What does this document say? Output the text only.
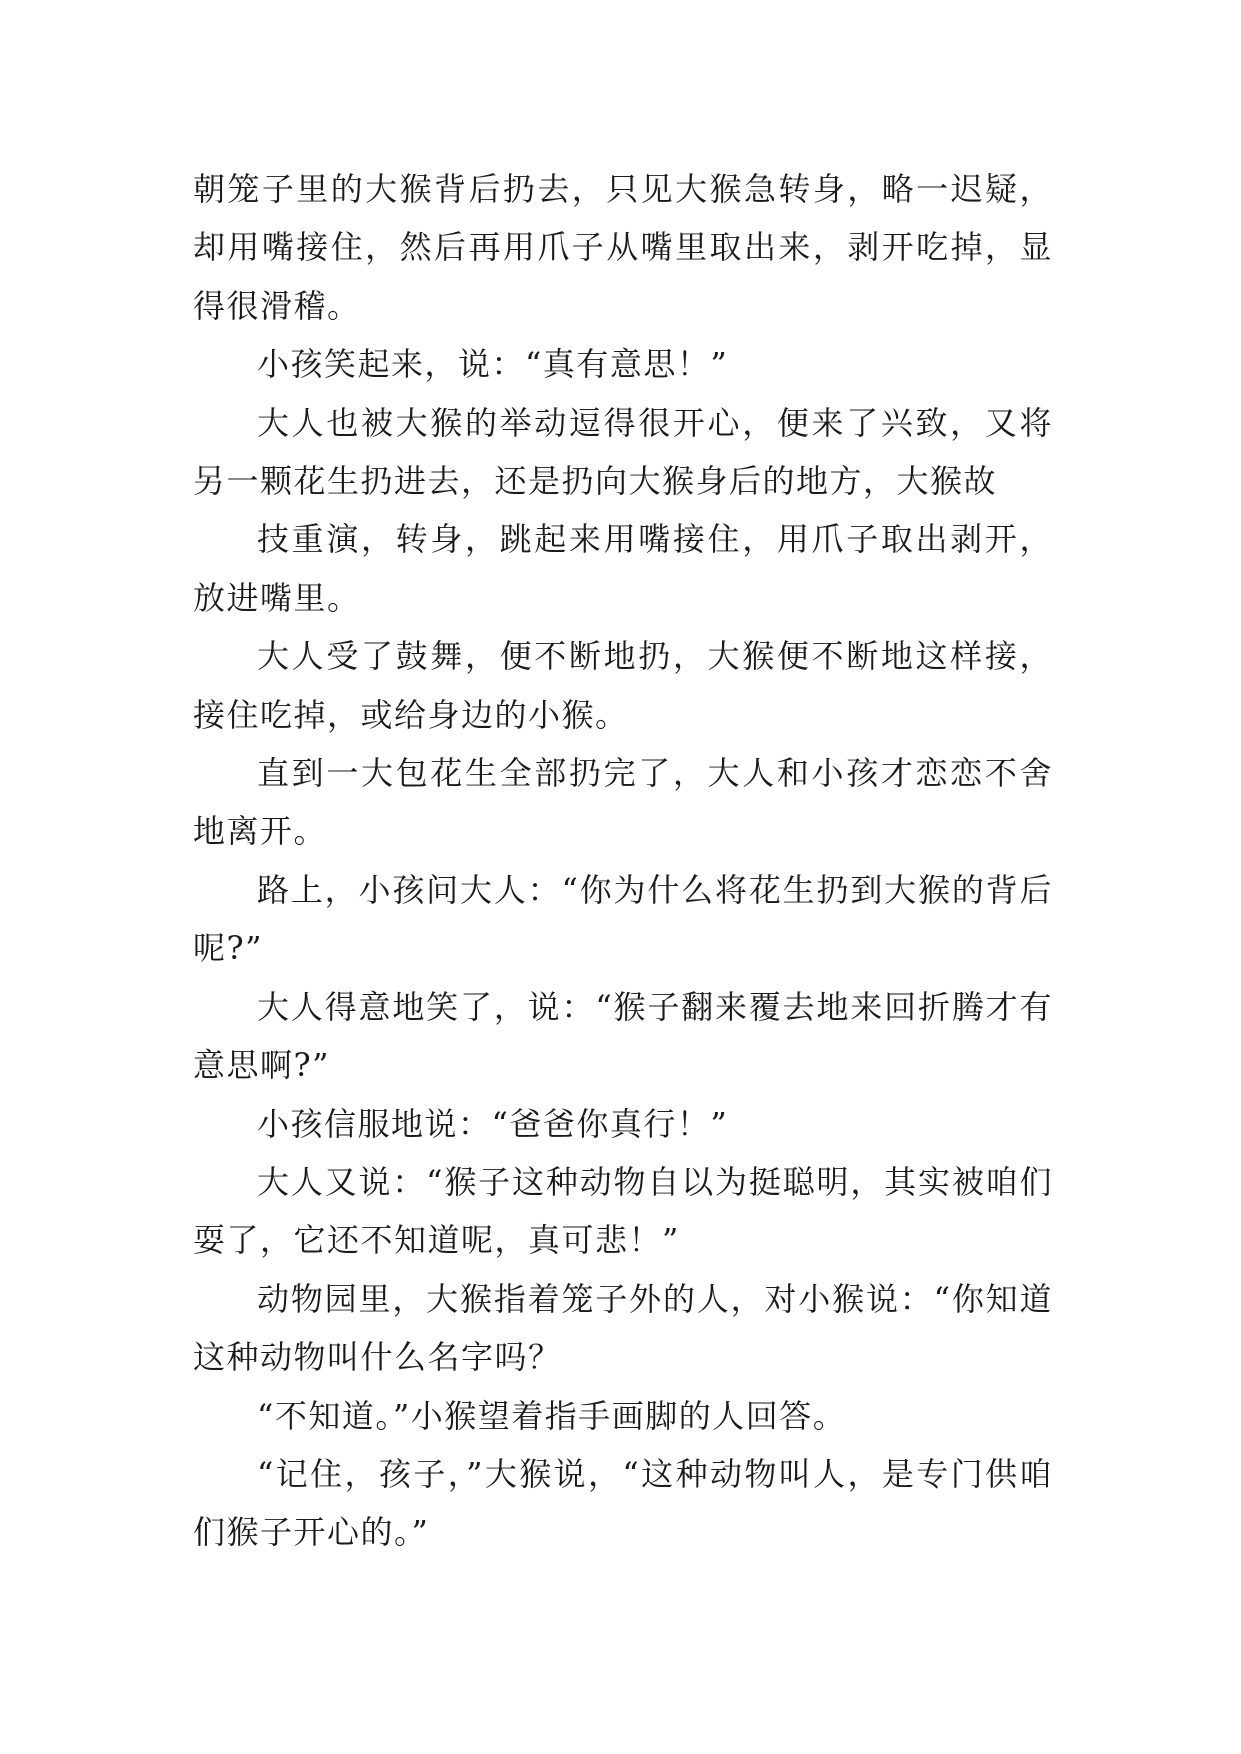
朝笼子里的大猴背后扔去，只见大猴急转身，略一迟疑，却用嘴接住，然后再用爪子从嘴里取出来，剥开吃掉，显得很滑稽。

小孩笑起来，说：“真有意思！”

大人也被大猴的举动逗得很开心，便来了兴致，又将另一颗花生扔进去，还是扔向大猴身后的地方，大猴故

技重演，转身，跳起来用嘴接住，用爪子取出剥开，放进嘴里。

大人受了鼓舞，便不断地扔，大猴便不断地这样接，接住吃掉，或给身边的小猴。

直到一大包花生全部扔完了，大人和小孩才恋恋不舍地离开。

路上，小孩问大人：“你为什么将花生扔到大猴的背后呢?”

大人得意地笑了，说：“猴子翻来覆去地来回折腾才有意思啊?”

小孩信服地说：“爸爸你真行！”

大人又说：“猴子这种动物自以为挺聪明，其实被咱们耍了，它还不知道呢，真可悲！”

动物园里，大猴指着笼子外的人，对小猴说：“你知道这种动物叫什么名字吗？

“不知道。”小猴望着指手画脚的人回答。

“记住，孩子，”大猴说，“这种动物叫人，是专门供咱们猴子开心的。”
